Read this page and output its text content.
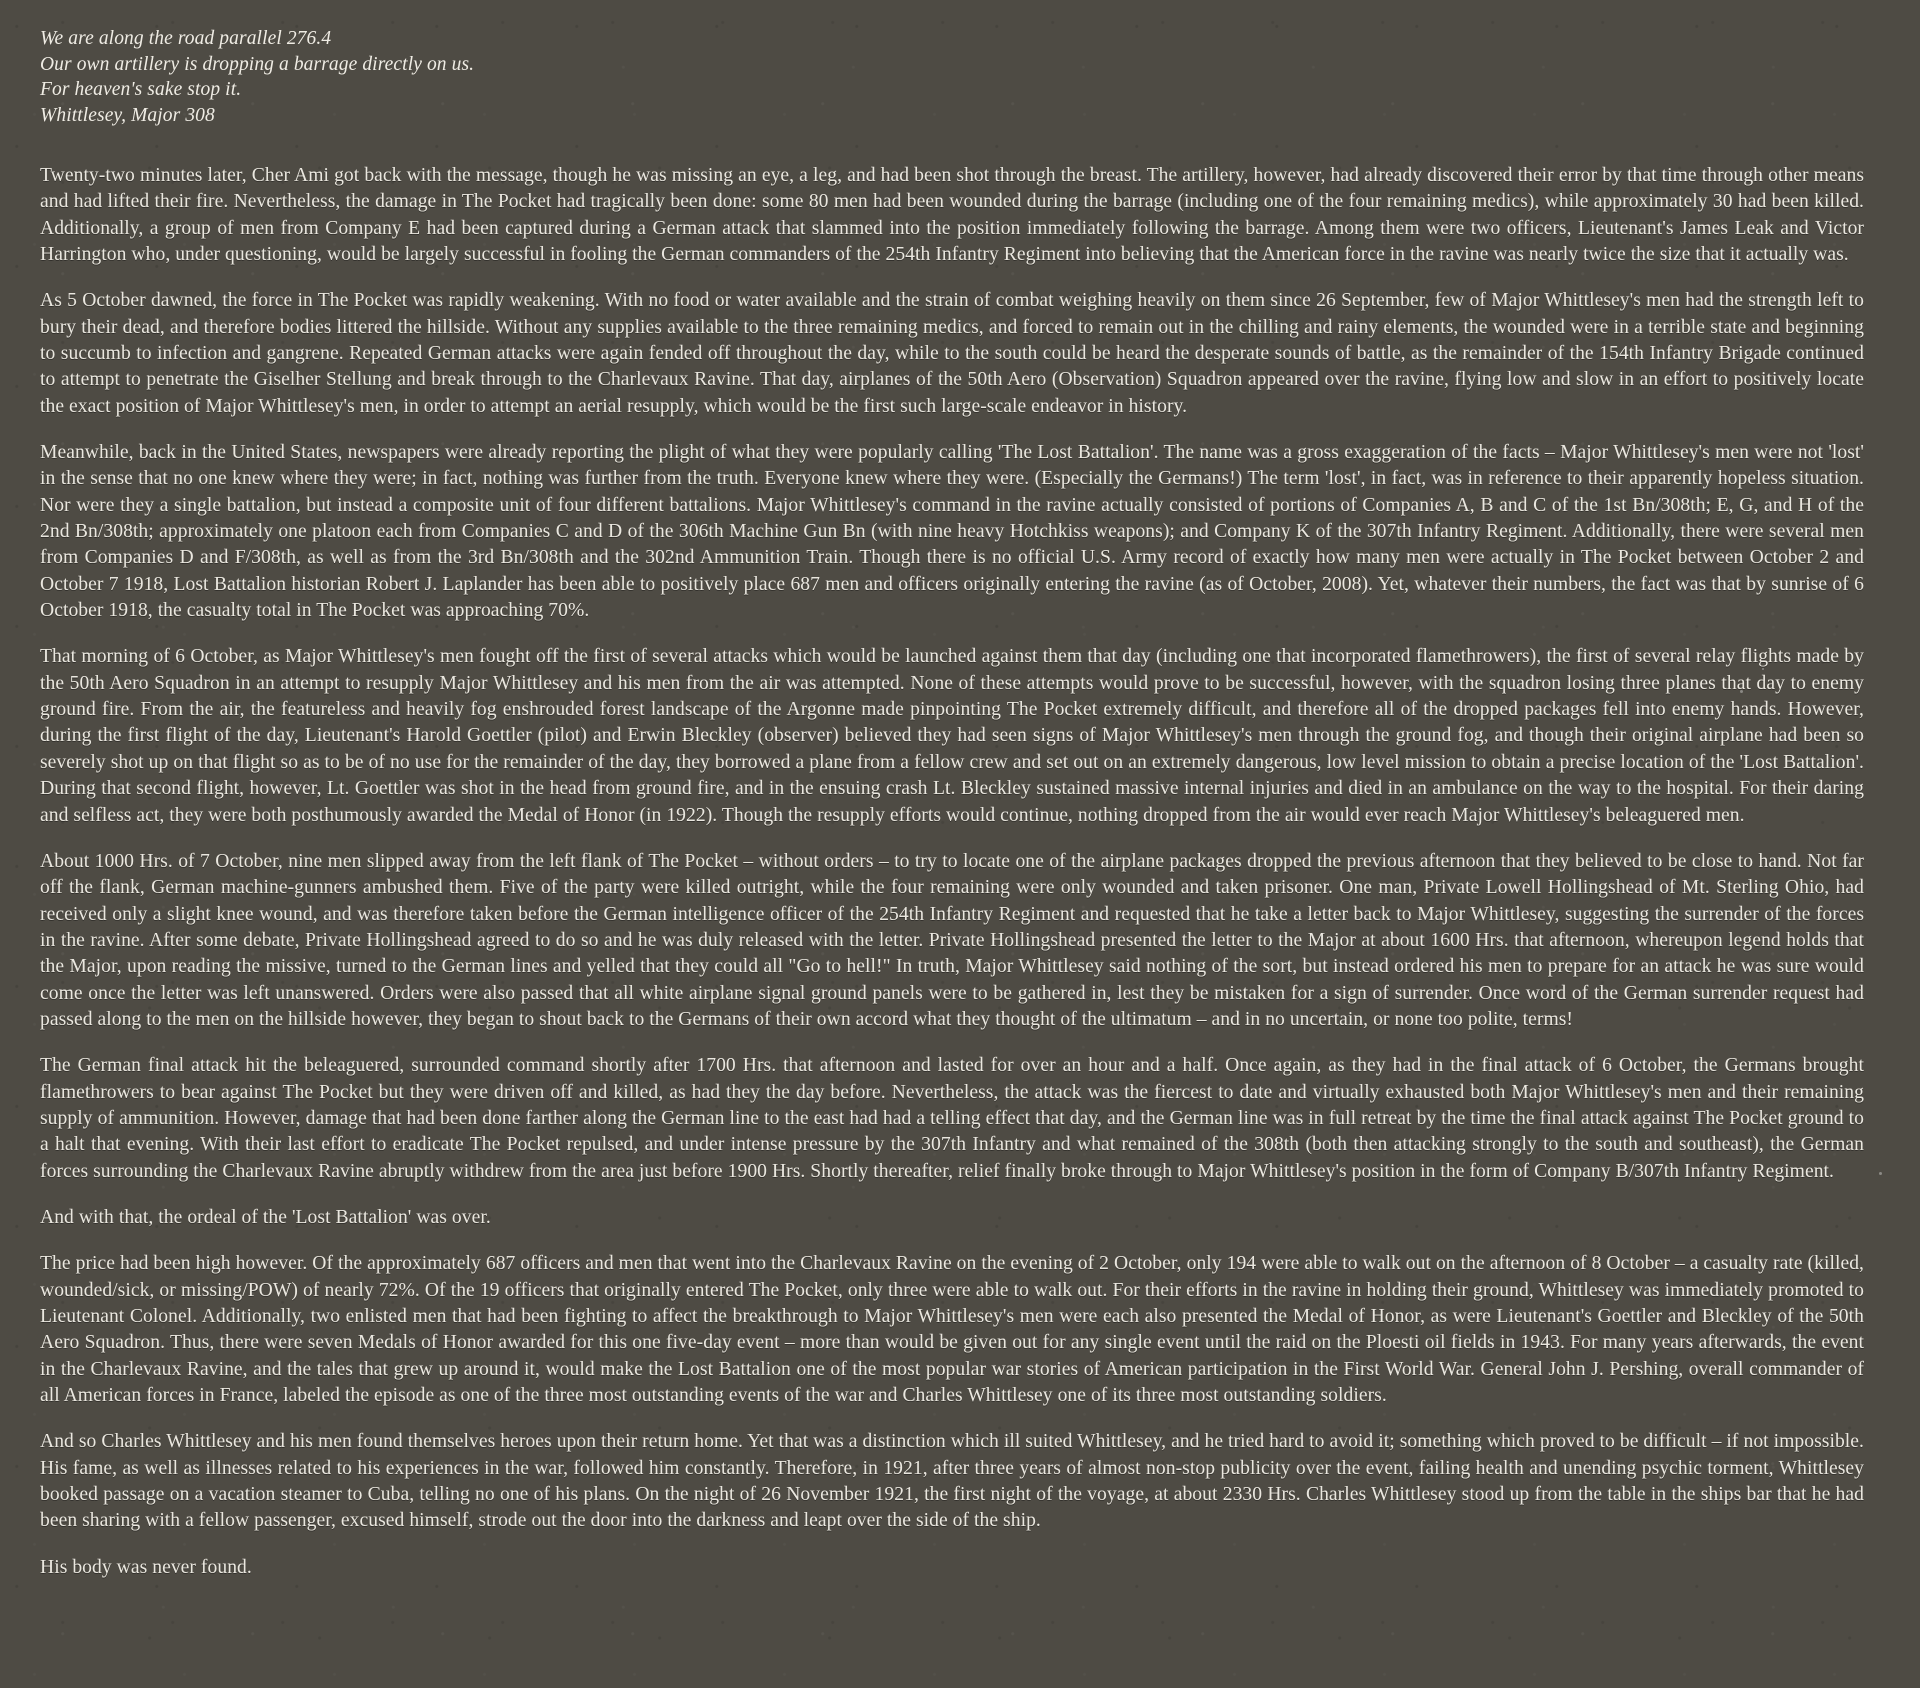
We are along the road parallel 276.4
Our own artillery is dropping a barrage directly on us.
For heaven's sake stop it.
Whittlesey, Major 308

Twenty-two minutes later, Cher Ami got back with the message, though he was missing an eye, a leg, and had been shot through the breast. The artillery, however, had already discovered their error by that time through other means and had lifted their fire. Nevertheless, the damage in The Pocket had tragically been done: some 80 men had been wounded during the barrage (including one of the four remaining medics), while approximately 30 had been killed. Additionally, a group of men from Company E had been captured during a German attack that slammed into the position immediately following the barrage. Among them were two officers, Lieutenant's James Leak and Victor Harrington who, under questioning, would be largely successful in fooling the German commanders of the 254th Infantry Regiment into believing that the American force in the ravine was nearly twice the size that it actually was.

As 5 October dawned, the force in The Pocket was rapidly weakening. With no food or water available and the strain of combat weighing heavily on them since 26 September, few of Major Whittlesey's men had the strength left to bury their dead, and therefore bodies littered the hillside. Without any supplies available to the three remaining medics, and forced to remain out in the chilling and rainy elements, the wounded were in a terrible state and beginning to succumb to infection and gangrene. Repeated German attacks were again fended off throughout the day, while to the south could be heard the desperate sounds of battle, as the remainder of the 154th Infantry Brigade continued to attempt to penetrate the Giselher Stellung and break through to the Charlevaux Ravine. That day, airplanes of the 50th Aero (Observation) Squadron appeared over the ravine, flying low and slow in an effort to positively locate the exact position of Major Whittlesey's men, in order to attempt an aerial resupply, which would be the first such large-scale endeavor in history.

Meanwhile, back in the United States, newspapers were already reporting the plight of what they were popularly calling 'The Lost Battalion'. The name was a gross exaggeration of the facts – Major Whittlesey's men were not 'lost' in the sense that no one knew where they were; in fact, nothing was further from the truth. Everyone knew where they were. (Especially the Germans!) The term 'lost', in fact, was in reference to their apparently hopeless situation. Nor were they a single battalion, but instead a composite unit of four different battalions. Major Whittlesey's command in the ravine actually consisted of portions of Companies A, B and C of the 1st Bn/308th; E, G, and H of the 2nd Bn/308th; approximately one platoon each from Companies C and D of the 306th Machine Gun Bn (with nine heavy Hotchkiss weapons); and Company K of the 307th Infantry Regiment. Additionally, there were several men from Companies D and F/308th, as well as from the 3rd Bn/308th and the 302nd Ammunition Train. Though there is no official U.S. Army record of exactly how many men were actually in The Pocket between October 2 and October 7 1918, Lost Battalion historian Robert J. Laplander has been able to positively place 687 men and officers originally entering the ravine (as of October, 2008). Yet, whatever their numbers, the fact was that by sunrise of 6 October 1918, the casualty total in The Pocket was approaching 70%.

That morning of 6 October, as Major Whittlesey's men fought off the first of several attacks which would be launched against them that day (including one that incorporated flamethrowers), the first of several relay flights made by the 50th Aero Squadron in an attempt to resupply Major Whittlesey and his men from the air was attempted. None of these attempts would prove to be successful, however, with the squadron losing three planes that day to enemy ground fire. From the air, the featureless and heavily fog enshrouded forest landscape of the Argonne made pinpointing The Pocket extremely difficult, and therefore all of the dropped packages fell into enemy hands. However, during the first flight of the day, Lieutenant's Harold Goettler (pilot) and Erwin Bleckley (observer) believed they had seen signs of Major Whittlesey's men through the ground fog, and though their original airplane had been so severely shot up on that flight so as to be of no use for the remainder of the day, they borrowed a plane from a fellow crew and set out on an extremely dangerous, low level mission to obtain a precise location of the 'Lost Battalion'. During that second flight, however, Lt. Goettler was shot in the head from ground fire, and in the ensuing crash Lt. Bleckley sustained massive internal injuries and died in an ambulance on the way to the hospital. For their daring and selfless act, they were both posthumously awarded the Medal of Honor (in 1922). Though the resupply efforts would continue, nothing dropped from the air would ever reach Major Whittlesey's beleaguered men.

About 1000 Hrs. of 7 October, nine men slipped away from the left flank of The Pocket – without orders – to try to locate one of the airplane packages dropped the previous afternoon that they believed to be close to hand. Not far off the flank, German machine-gunners ambushed them. Five of the party were killed outright, while the four remaining were only wounded and taken prisoner. One man, Private Lowell Hollingshead of Mt. Sterling Ohio, had received only a slight knee wound, and was therefore taken before the German intelligence officer of the 254th Infantry Regiment and requested that he take a letter back to Major Whittlesey, suggesting the surrender of the forces in the ravine. After some debate, Private Hollingshead agreed to do so and he was duly released with the letter. Private Hollingshead presented the letter to the Major at about 1600 Hrs. that afternoon, whereupon legend holds that the Major, upon reading the missive, turned to the German lines and yelled that they could all "Go to hell!" In truth, Major Whittlesey said nothing of the sort, but instead ordered his men to prepare for an attack he was sure would come once the letter was left unanswered. Orders were also passed that all white airplane signal ground panels were to be gathered in, lest they be mistaken for a sign of surrender. Once word of the German surrender request had passed along to the men on the hillside however, they began to shout back to the Germans of their own accord what they thought of the ultimatum – and in no uncertain, or none too polite, terms!

The German final attack hit the beleaguered, surrounded command shortly after 1700 Hrs. that afternoon and lasted for over an hour and a half. Once again, as they had in the final attack of 6 October, the Germans brought flamethrowers to bear against The Pocket but they were driven off and killed, as had they the day before. Nevertheless, the attack was the fiercest to date and virtually exhausted both Major Whittlesey's men and their remaining supply of ammunition. However, damage that had been done farther along the German line to the east had had a telling effect that day, and the German line was in full retreat by the time the final attack against The Pocket ground to a halt that evening. With their last effort to eradicate The Pocket repulsed, and under intense pressure by the 307th Infantry and what remained of the 308th (both then attacking strongly to the south and southeast), the German forces surrounding the Charlevaux Ravine abruptly withdrew from the area just before 1900 Hrs. Shortly thereafter, relief finally broke through to Major Whittlesey's position in the form of Company B/307th Infantry Regiment.

And with that, the ordeal of the 'Lost Battalion' was over.

The price had been high however. Of the approximately 687 officers and men that went into the Charlevaux Ravine on the evening of 2 October, only 194 were able to walk out on the afternoon of 8 October – a casualty rate (killed, wounded/sick, or missing/POW) of nearly 72%. Of the 19 officers that originally entered The Pocket, only three were able to walk out. For their efforts in the ravine in holding their ground, Whittlesey was immediately promoted to Lieutenant Colonel. Additionally, two enlisted men that had been fighting to affect the breakthrough to Major Whittlesey's men were each also presented the Medal of Honor, as were Lieutenant's Goettler and Bleckley of the 50th Aero Squadron. Thus, there were seven Medals of Honor awarded for this one five-day event – more than would be given out for any single event until the raid on the Ploesti oil fields in 1943. For many years afterwards, the event in the Charlevaux Ravine, and the tales that grew up around it, would make the Lost Battalion one of the most popular war stories of American participation in the First World War. General John J. Pershing, overall commander of all American forces in France, labeled the episode as one of the three most outstanding events of the war and Charles Whittlesey one of its three most outstanding soldiers.

And so Charles Whittlesey and his men found themselves heroes upon their return home. Yet that was a distinction which ill suited Whittlesey, and he tried hard to avoid it; something which proved to be difficult – if not impossible. His fame, as well as illnesses related to his experiences in the war, followed him constantly. Therefore, in 1921, after three years of almost non-stop publicity over the event, failing health and unending psychic torment, Whittlesey booked passage on a vacation steamer to Cuba, telling no one of his plans. On the night of 26 November 1921, the first night of the voyage, at about 2330 Hrs. Charles Whittlesey stood up from the table in the ships bar that he had been sharing with a fellow passenger, excused himself, strode out the door into the darkness and leapt over the side of the ship.

His body was never found.
